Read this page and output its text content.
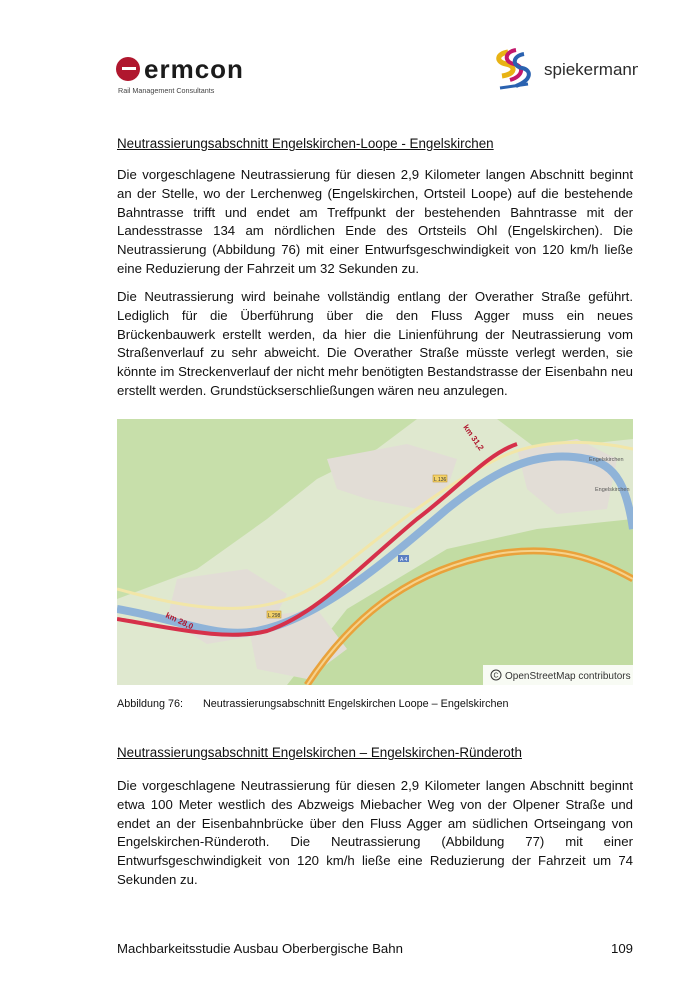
ermcon
Rail Management Consultants
spiekermann
Neutrassierungsabschnitt Engelskirchen-Loope - Engelskirchen

Die vorgeschlagene Neutrassierung für diesen 2,9 Kilometer langen Abschnitt beginnt an der Stelle, wo der Lerchenweg (Engelskirchen, Ortsteil Loope) auf die bestehende Bahntrasse trifft und endet am Treffpunkt der bestehenden Bahntrasse mit der Landesstrasse 134 am nördlichen Ende des Ortsteils Ohl (Engelskirchen). Die Neutrassierung (Abbildung 76) mit einer Entwurfsgeschwindigkeit von 120 km/h ließe eine Reduzierung der Fahrzeit um 32 Sekunden zu.

Die Neutrassierung wird beinahe vollständig entlang der Overather Straße geführt. Lediglich für die Überführung über die den Fluss Agger muss ein neues Brückenbauwerk erstellt werden, da hier die Linienführung der Neutrassierung vom Straßenverlauf zu sehr abweicht. Die Overather Straße müsste verlegt werden, sie könnte im Streckenverlauf der nicht mehr benötigten Bestandstrasse der Eisenbahn neu erstellt werden. Grundstückserschließungen wären neu anzulegen.

km 28,0
km 31,2
L 136
L 298
A 4
Engelskirchen
Engelskirchen
C OpenStreetMap contributors
Abbildung 76: Neutrassierungsabschnitt Engelskirchen Loope – Engelskirchen
Neutrassierungsabschnitt Engelskirchen – Engelskirchen-Ründeroth

Die vorgeschlagene Neutrassierung für diesen 2,9 Kilometer langen Abschnitt beginnt etwa 100 Meter westlich des Abzweigs Miebacher Weg von der Olpener Straße und endet an der Eisenbahnbrücke über den Fluss Agger am südlichen Ortseingang von Engelskirchen-Ründeroth. Die Neutrassierung (Abbildung 77) mit einer Entwurfsgeschwindigkeit von 120 km/h ließe eine Reduzierung der Fahrzeit um 74 Sekunden zu.

Machbarkeitsstudie Ausbau Oberbergische Bahn	109
